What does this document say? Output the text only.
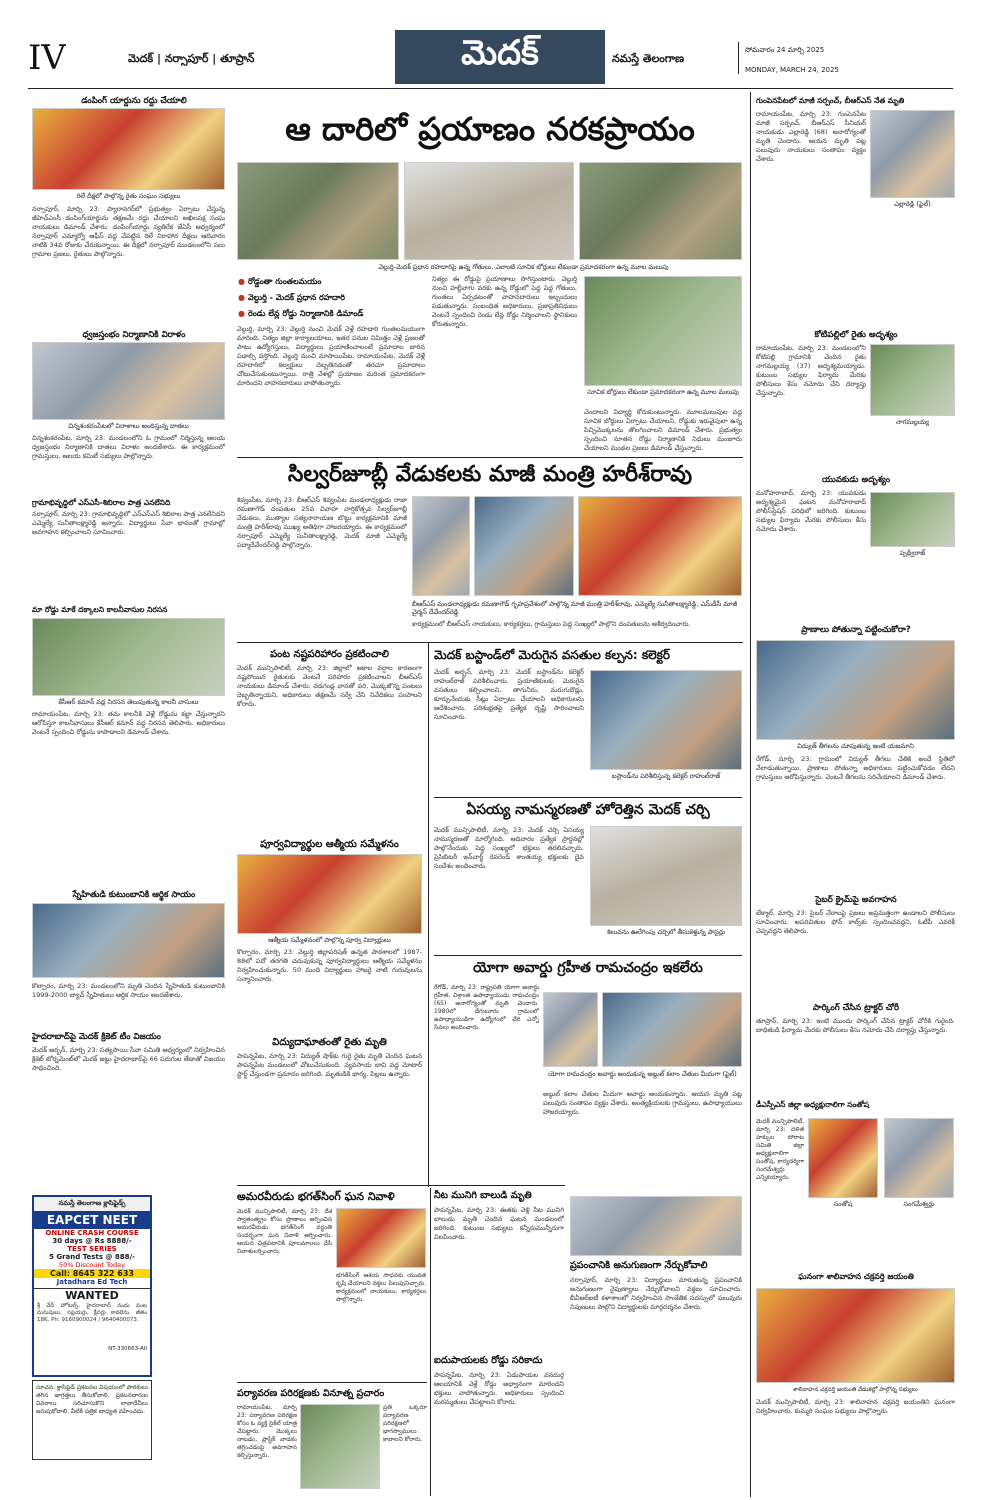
IV	మెదక్ | నర్సాపూర్ | తూప్రాన్	మెదక్	నమస్తే తెలంగాణ
సోమవారం 24 మార్చి 2025
MONDAY, MARCH 24, 2025
డంపింగ్ యార్డును రద్దు చేయాలి
రిలే దీక్షలో పాల్గొన్న రైతు సంఘం సభ్యులు
నర్సాపూర్, మార్చి 23: ప్యారానగర్‌లో ప్రభుత్వం ఏర్పాటు చేస్తున్న జీహెచ్‌ఎంసీ డంపింగ్‌యార్డును తక్షణమే రద్దు చేయాలని అఖిలపక్ష సంఘ నాయకులు డిమాండ్ చేశారు. డంపింగ్‌యార్డు వ్యతిరేక జేఏసీ ఆధ్వర్యంలో నర్సాపూర్ ఎమ్మార్వో ఆఫీస్ వద్ద చేపట్టిన రిలే నిరాహార దీక్షలు ఆదివారం నాటికి 34వ రోజుకు చేరుకున్నాయి. ఈ దీక్షలో నర్సాపూర్ మండలంలోని పలు గ్రామాల ప్రజలు, రైతులు పాల్గొన్నారు.
ధ్వజస్తంభం నిర్మాణానికి విరాళం
చిన్నశంకరంపేటలో విరాళాలు అందిస్తున్న దాతలు
చిన్నశంకరంపేట, మార్చి 23: మండలంలోని ఓ గ్రామంలో నిర్మిస్తున్న ఆలయ ధ్వజస్తంభం నిర్మాణానికి దాతలు విరాళం అందజేశారు. ఈ కార్యక్రమంలో గ్రామస్తులు, ఆలయ కమిటీ సభ్యులు పాల్గొన్నారు.
గ్రామాభివృద్ధిలో ఎస్‌ఎసీ-శిబిరాల పాత్ర ఎనలేనిది
నర్సాపూర్, మార్చి 23: గ్రామాభివృద్ధిలో ఎన్‌ఎస్‌ఎస్ శిబిరాల పాత్ర ఎనలేనిదని ఎమ్మెల్యే సునీతాలక్ష్మారెడ్డి అన్నారు. విద్యార్థులు సేవా భావంతో గ్రామాల్లో అవగాహన కల్పించాలని సూచించారు.
మా రోడ్డు మాకే దక్కాలని కాలనీవాసుల నిరసన
కేసీఆర్ కమాన్ వద్ద నిరసన తెలుపుతున్న కాలనీ వాసులు
రామాయంపేట, మార్చి 23: తమ కాలనీకి వెళ్లే రోడ్డును కబ్జా చేస్తున్నారని ఆరోపిస్తూ కాలనీవాసులు కేసీఆర్ కమాన్ వద్ద నిరసన తెలిపారు. అధికారులు వెంటనే స్పందించి రోడ్డును కాపాడాలని డిమాండ్ చేశారు.
స్నేహితుడి కుటుంబానికి ఆర్థిక సాయం
కొల్చారం, మార్చి 23: మండలంలోని మృతి చెందిన స్నేహితుడి కుటుంబానికి 1999-2000 బ్యాచ్ స్నేహితులు ఆర్థిక సాయం అందజేశారు.
హైదరాబాద్‌పై మెదక్ క్రికెట్ టీం విజయం
మెదక్ అర్బన్, మార్చి 23: సత్యసాయి సేవా సమితి ఆధ్వర్యంలో నిర్వహించిన క్రికెట్ టోర్నమెంట్‌లో మెదక్ జట్టు హైదరాబాద్‌పై 66 పరుగుల తేడాతో విజయం సాధించింది.
నమస్తే తెలంగాణ క్లాసిఫైడ్స్
EAPCET NEET
ONLINE CRASH COURSE
30 days @ Rs 8888/-
TEST SERIES
5 Grand Tests @ 888/-
50% Discount Today
Call: 8645 322 633
Jatadhara Ed Tech
WANTED
శ్రీ వేద్ హోటల్స్, హైదరాబాద్ నందు వంట మనుషులు, సప్లయర్లు, క్లీనర్లు కావలెను. జీతం 18K. Ph: 9160900024 / 9640400073.
NT-330663-AII
సూచన: క్లాసిఫైడ్ ప్రకటనల విషయంలో పాఠకులు తగిన జాగ్రత్తలు తీసుకోవాలి. ప్రకటనదారుల వివరాలు సరిచూసుకొని లావాదేవీలు జరుపుకోవాలి. వీటికి పత్రిక బాధ్యత వహించదు.
ఆ దారిలో ప్రయాణం నరకప్రాయం
వెల్దుర్తి-మెదక్ ప్రధాన రహదారిపై ఉన్న గోతులు, ఎలాంటి సూచిక బోర్డులు లేకుండా ప్రమాదకరంగా ఉన్న మూల మలుపు
● రోడ్డంతా గుంతలమయం
● వెల్దుర్తి - మెదక్ ప్రధాన రహదారి
● రెండు లేన్ల రోడ్డు నిర్మాణానికి డిమాండ్
వెల్దుర్తి, మార్చి 23: వెల్దుర్తి నుంచి మెదక్ వెళ్లే రహదారి గుంతలమయంగా మారింది. నిత్యం జిల్లా కార్యాలయాలు, ఇతర పనుల నిమిత్తం వెళ్లే ప్రజలతో పాటు ఉద్యోగస్తులు, విద్యార్థులు ప్రయాణించాలంటే ప్రమాదాల బారిన పడాల్సి వస్తోంది. వెల్దుర్తి నుంచి మాసాయిపేట, రామాయంపేట, మెదక్ వెళ్లే రహదారిలో కల్వర్టులు దెబ్బతినడంతో తరచూ ప్రమాదాలు చోటుచేసుకుంటున్నాయి. రాత్రి వేళల్లో ప్రయాణం మరింత ప్రమాదకరంగా మారిందని వాహనదారులు వాపోతున్నారు.
నిత్యం ఈ రోడ్డుపై ప్రయాణాలు సాగిస్తుంటారు. వెల్దుర్తి నుంచి హల్దీవాగు వరకు ఉన్న రోడ్డులో పెద్ద పెద్ద గోతులు, గుంతలు ఏర్పడటంతో వాహనదారులు ఇబ్బందులు పడుతున్నారు. సంబంధిత అధికారులు, ప్రజాప్రతినిధులు వెంటనే స్పందించి రెండు లేన్ల రోడ్డు నిర్మించాలని స్థానికులు కోరుతున్నారు.
సూచిక బోర్డులు లేకుండా ప్రమాదకరంగా ఉన్న మూల మలుపు
చెందాలని విద్యార్థి కోరుకుంటున్నారు. మూలమలుపుల వద్ద సూచిక బోర్డులు ఏర్పాటు చేయాలని, రోడ్డుకు ఇరువైపులా ఉన్న పిచ్చిమొక్కలను తొలగించాలని డిమాండ్ చేశారు. ప్రభుత్వం స్పందించి నూతన రోడ్డు నిర్మాణానికి నిధులు మంజూరు చేయాలని మండల ప్రజలు డిమాండ్ చేస్తున్నారు.
సిల్వర్‌జూబ్లీ వేడుకలకు మాజీ మంత్రి హరీశ్‌రావు
శివ్వంపేట, మార్చి 23: బీఆర్‌ఎస్ శివ్వంపేట మండలాధ్యక్షుడు రాజా రమణాగౌడ్ దంపతుల 25వ వివాహ వార్షికోత్సవ సిల్వర్‌జూబ్లీ వేడుకలు, ముత్యాల సత్యనారాయణ బొట్టు కార్యక్రమానికి మాజీ మంత్రి హరీశ్‌రావు ముఖ్య అతిథిగా హాజరయ్యారు. ఈ కార్యక్రమంలో నర్సాపూర్ ఎమ్మెల్యే సునీతాలక్ష్మారెడ్డి, మెదక్ మాజీ ఎమ్మెల్యే పద్మాదేవేందర్‌రెడ్డి పాల్గొన్నారు.
బీఆర్‌ఎస్ మండలాధ్యక్షుడు రమణాగౌడ్ గృహప్రవేశంలో పాల్గొన్న మాజీ మంత్రి హరీశ్‌రావు, ఎమ్మెల్యే సునీతాలక్ష్మారెడ్డి, ఎమ్‌డీసీ మాజీ చైర్మన్ దేవేందర్‌రెడ్డి
కార్యక్రమంలో బీఆర్‌ఎస్ నాయకులు, కార్యకర్తలు, గ్రామస్తులు పెద్ద సంఖ్యలో పాల్గొని దంపతులను ఆశీర్వదించారు.
పంట నష్టపరిహారం ప్రకటించాలి
మెదక్ మున్సిపాలిటీ, మార్చి 23: జిల్లాలో అకాల వర్షాల కారణంగా నష్టపోయిన రైతులకు వెంటనే పరిహారం ప్రకటించాలని బీఆర్‌ఎస్ నాయకులు డిమాండ్ చేశారు. వడగండ్ల వానతో వరి, మొక్కజొన్న పంటలు దెబ్బతిన్నాయని, అధికారులు తక్షణమే సర్వే చేసి నివేదికలు పంపాలని కోరారు.
పూర్వవిద్యార్థుల ఆత్మీయ సమ్మేళనం
ఆత్మీయ సమ్మేళనంలో పాల్గొన్న పూర్వ విద్యార్థులు
కొల్చారం, మార్చి 23: వెల్దుర్తి జిల్లాపరిషత్ ఉన్నత పాఠశాలలో 1987-88లో పదో తరగతి చదువుకున్న పూర్వవిద్యార్థులు ఆత్మీయ సమ్మేళనం నిర్వహించుకున్నారు. 50 మంది విద్యార్థులు హాజరై నాటి గురువులను సన్మానించారు.
విద్యుదాఘాతంతో రైతు మృతి
పాపన్నపేట, మార్చి 23: విద్యుత్ షాక్‌కు గురై రైతు మృతి చెందిన ఘటన పాపన్నపేట మండలంలో చోటుచేసుకుంది. వ్యవసాయ బావి వద్ద మోటార్ స్టార్ట్ చేస్తుండగా ప్రమాదం జరిగింది. మృతుడికి భార్య, పిల్లలు ఉన్నారు.
అమరవీరుడు భగత్‌సింగ్ ఘన నివాళి
మెదక్ మున్సిపాలిటీ, మార్చి 23: దేశ స్వాతంత్య్రం కోసం ప్రాణాలు అర్పించిన అమరవీరుడు భగత్‌సింగ్ వర్ధంతి సందర్భంగా ఘన నివాళి అర్పించారు. ఆయన చిత్రపటానికి పూలమాలలు వేసి నివాళులర్పించారు.
భగత్‌సింగ్ ఆశయ సాధనకు యువత కృషి చేయాలని వక్తలు పిలుపునిచ్చారు. కార్యక్రమంలో నాయకులు, కార్యకర్తలు పాల్గొన్నారు.
పర్యావరణ పరిరక్షణకు వినూత్న ప్రచారం
రామాయంపేట, మార్చి 23: పర్యావరణ పరిరక్షణ కోసం ఓ వ్యక్తి సైకిల్ యాత్ర చేపట్టారు. మొక్కలు నాటడం, ప్లాస్టిక్ వాడకం తగ్గించడంపై అవగాహన కల్పిస్తున్నారు.
ప్రతి ఒక్కరూ పర్యావరణ పరిరక్షణలో భాగస్వాములు కావాలని కోరారు.
మెదక్ బస్టాండ్‌లో మెరుగైన వసతుల కల్పన: కలెక్టర్
మెదక్ అర్బన్, మార్చి 23: మెదక్ బస్టాండ్‌ను కలెక్టర్ రాహుల్‌రాజ్ పరిశీలించారు. ప్రయాణికులకు మెరుగైన వసతులు కల్పించాలని, తాగునీరు, మరుగుదొడ్లు, కూర్చునేందుకు సీట్లు ఏర్పాటు చేయాలని అధికారులను ఆదేశించారు. పరిశుభ్రతపై ప్రత్యేక దృష్టి సారించాలని సూచించారు.
బస్టాండ్‌ను పరిశీలిస్తున్న కలెక్టర్ రాహుల్‌రాజ్
ఏసయ్య నామస్మరణతో హోరెత్తిన మెదక్ చర్చి
మెదక్ మున్సిపాలిటీ, మార్చి 23: మెదక్ చర్చి ఏసయ్య నామస్మరణతో మార్మోగింది. ఆదివారం ప్రత్యేక ప్రార్థనల్లో పాల్గొనేందుకు పెద్ద సంఖ్యలో భక్తులు తరలివచ్చారు. ప్రెసిబిటరీ ఇన్‌చార్జ్ రెవరెండ్ శాంతయ్య భక్తులకు దైవ సందేశం అందించారు.
శిలువను ఊరేగింపు చర్చిలో తీసుకెళ్తున్న పాస్టర్లు
యోగా అవార్డు గ్రహీత రామచంద్రం ఇకలేరు
రేగోడ్, మార్చి 23: రాష్ట్రపతి యోగా అవార్డు గ్రహీత, విశ్రాంత ఉపాధ్యాయుడు రామచంద్రం (65) అనారోగ్యంతో మృతి చెందారు. 1980లో దేగులూరు గ్రామంలో ఉపాధ్యాయుడిగా ఉద్యోగంలో చేరి ఎన్నో సేవలు అందించారు.
యోగా రామచంద్రం అవార్డు అందుకున్న అబ్దుల్ కలాం చేతుల మీదుగా (ఫైల్)
అబ్దుల్ కలాం చేతుల మీదుగా అవార్డు అందుకున్నారు. ఆయన మృతి పట్ల పలువురు సంతాపం వ్యక్తం చేశారు. అంత్యక్రియలకు గ్రామస్తులు, ఉపాధ్యాయులు హాజరయ్యారు.
నీట మునిగి బాలుడి మృతి
పాపన్నపేట, మార్చి 23: ఈతకు వెళ్లి నీట మునిగి బాలుడు మృతి చెందిన ఘటన మండలంలో జరిగింది. కుటుంబ సభ్యులు కన్నీరుమున్నీరుగా విలపించారు.
ఐదుపాయలకు రోడ్డు సరికాదు
పాపన్నపేట, మార్చి 23: ఏడుపాయల వనదుర్గ ఆలయానికి వెళ్లే రోడ్డు అధ్వానంగా మారిందని భక్తులు వాపోతున్నారు. అధికారులు స్పందించి మరమ్మతులు చేపట్టాలని కోరారు.
ప్రపంచానికి అనుగుణంగా నేర్చుకోవాలి
నర్సాపూర్, మార్చి 23: విద్యార్థులు మారుతున్న ప్రపంచానికి అనుగుణంగా నైపుణ్యాలు నేర్చుకోవాలని వక్తలు సూచించారు. బీవీఆర్‌ఐటీ కళాశాలలో నిర్వహించిన సాంకేతిక సదస్సులో పలువురు నిపుణులు పాల్గొని విద్యార్థులకు మార్గదర్శనం చేశారు.
గుంపెనపేటలో మాజీ సర్పంచ్, బీఆర్‌ఎస్ నేత మృతి
రామాయంపేట, మార్చి 23: గుంపెనపేట మాజీ సర్పంచ్, బీఆర్‌ఎస్ సీనియర్ నాయకుడు ఎల్లారెడ్డి (68) అనారోగ్యంతో మృతి చెందారు. ఆయన మృతి పట్ల పలువురు నాయకులు సంతాపం వ్యక్తం చేశారు.
ఎల్లారెడ్డి (ఫైల్)
కోటిపల్లిలో రైతు అదృశ్యం
రామాయంపేట, మార్చి 23: మండలంలోని కోటిపల్లి గ్రామానికి చెందిన రైతు నాగమల్లయ్య (37) అదృశ్యమయ్యాడు. కుటుంబ సభ్యుల ఫిర్యాదు మేరకు పోలీసులు కేసు నమోదు చేసి దర్యాప్తు చేస్తున్నారు.
నాగమల్లయ్య
యువకుడు అదృశ్యం
మనోహరాబాద్, మార్చి 23: యువకుడు అదృశ్యమైన ఘటన మనోహరాబాద్ పోలీస్‌స్టేషన్ పరిధిలో జరిగింది. కుటుంబ సభ్యుల ఫిర్యాదు మేరకు పోలీసులు కేసు నమోదు చేశారు.
పృథ్వీరాజ్
ప్రాణాలు పోతున్నా పట్టించుకోరా?
విద్యుత్ తీగలను చూపుతున్న ఇంటి యజమాని
రేగోడ్, మార్చి 23: గ్రామంలో విద్యుత్ తీగలు చేతికి అందే స్థితిలో వేలాడుతున్నాయి. ప్రాణాలు పోతున్నా అధికారులు పట్టించుకోవడం లేదని గ్రామస్తులు ఆరోపిస్తున్నారు. వెంటనే తీగలను సరిచేయాలని డిమాండ్ చేశారు.
సైబర్ క్రైమ్‌పై అవగాహన
టేక్మాల్, మార్చి 23: సైబర్ నేరాలపై ప్రజలు అప్రమత్తంగా ఉండాలని పోలీసులు సూచించారు. అపరిచితుల ఫోన్ కాల్స్‌కు స్పందించవద్దని, ఓటీపీ ఎవరికీ చెప్పవద్దని తెలిపారు.
పార్కింగ్ చేసిన ట్రాక్టర్ చోరీ
తూప్రాన్, మార్చి 23: ఇంటి ముందు పార్కింగ్ చేసిన ట్రాక్టర్ చోరీకి గురైంది. బాధితుడి ఫిర్యాదు మేరకు పోలీసులు కేసు నమోదు చేసి దర్యాప్తు చేస్తున్నారు.
డీఎస్పీఎస్ జిల్లా అధ్యక్షురాలిగా సంతోష
సంతోష	సంగమేశ్వర్లు
మెదక్ మున్సిపాలిటీ, మార్చి 23: దళిత హక్కుల పోరాట సమితి జిల్లా అధ్యక్షురాలిగా సంతోష, కార్యదర్శిగా సంగమేశ్వర్లు ఎన్నికయ్యారు.
ఘనంగా శాలివాహన చక్రవర్తి జయంతి
శాలివాహన చక్రవర్తి జయంతి వేడుకల్లో పాల్గొన్న సభ్యులు
మెదక్ మున్సిపాలిటీ, మార్చి 23: శాలివాహన చక్రవర్తి జయంతిని ఘనంగా నిర్వహించారు. కుమ్మరి సంఘం సభ్యులు పాల్గొన్నారు.
